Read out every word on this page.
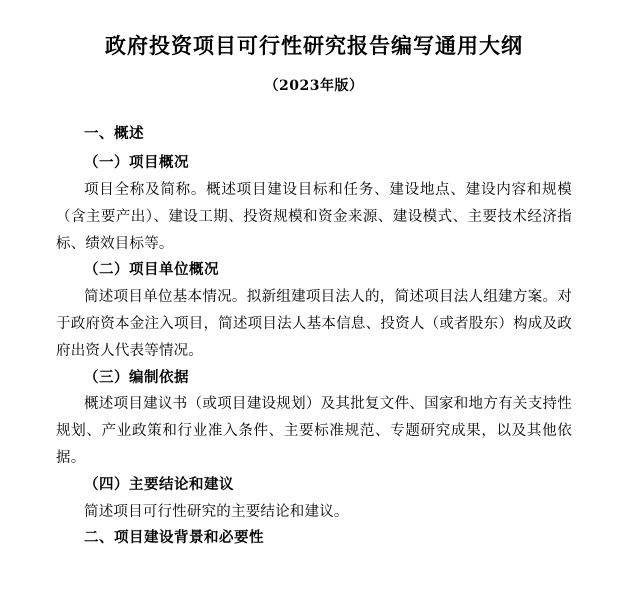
政府投资项目可行性研究报告编写通用大纲
（2023年版）
一、概述
（一）项目概况

项目全称及简称。概述项目建设目标和任务、建设地点、建设内容和规模（含主要产出）、建设工期、投资规模和资金来源、建设模式、主要技术经济指标、绩效目标等。

（二）项目单位概况

简述项目单位基本情况。拟新组建项目法人的，简述项目法人组建方案。对于政府资本金注入项目，简述项目法人基本信息、投资人（或者股东）构成及政府出资人代表等情况。

（三）编制依据

概述项目建议书（或项目建设规划）及其批复文件、国家和地方有关支持性规划、产业政策和行业准入条件、主要标准规范、专题研究成果，以及其他依据。

（四）主要结论和建议

简述项目可行性研究的主要结论和建议。

二、项目建设背景和必要性
